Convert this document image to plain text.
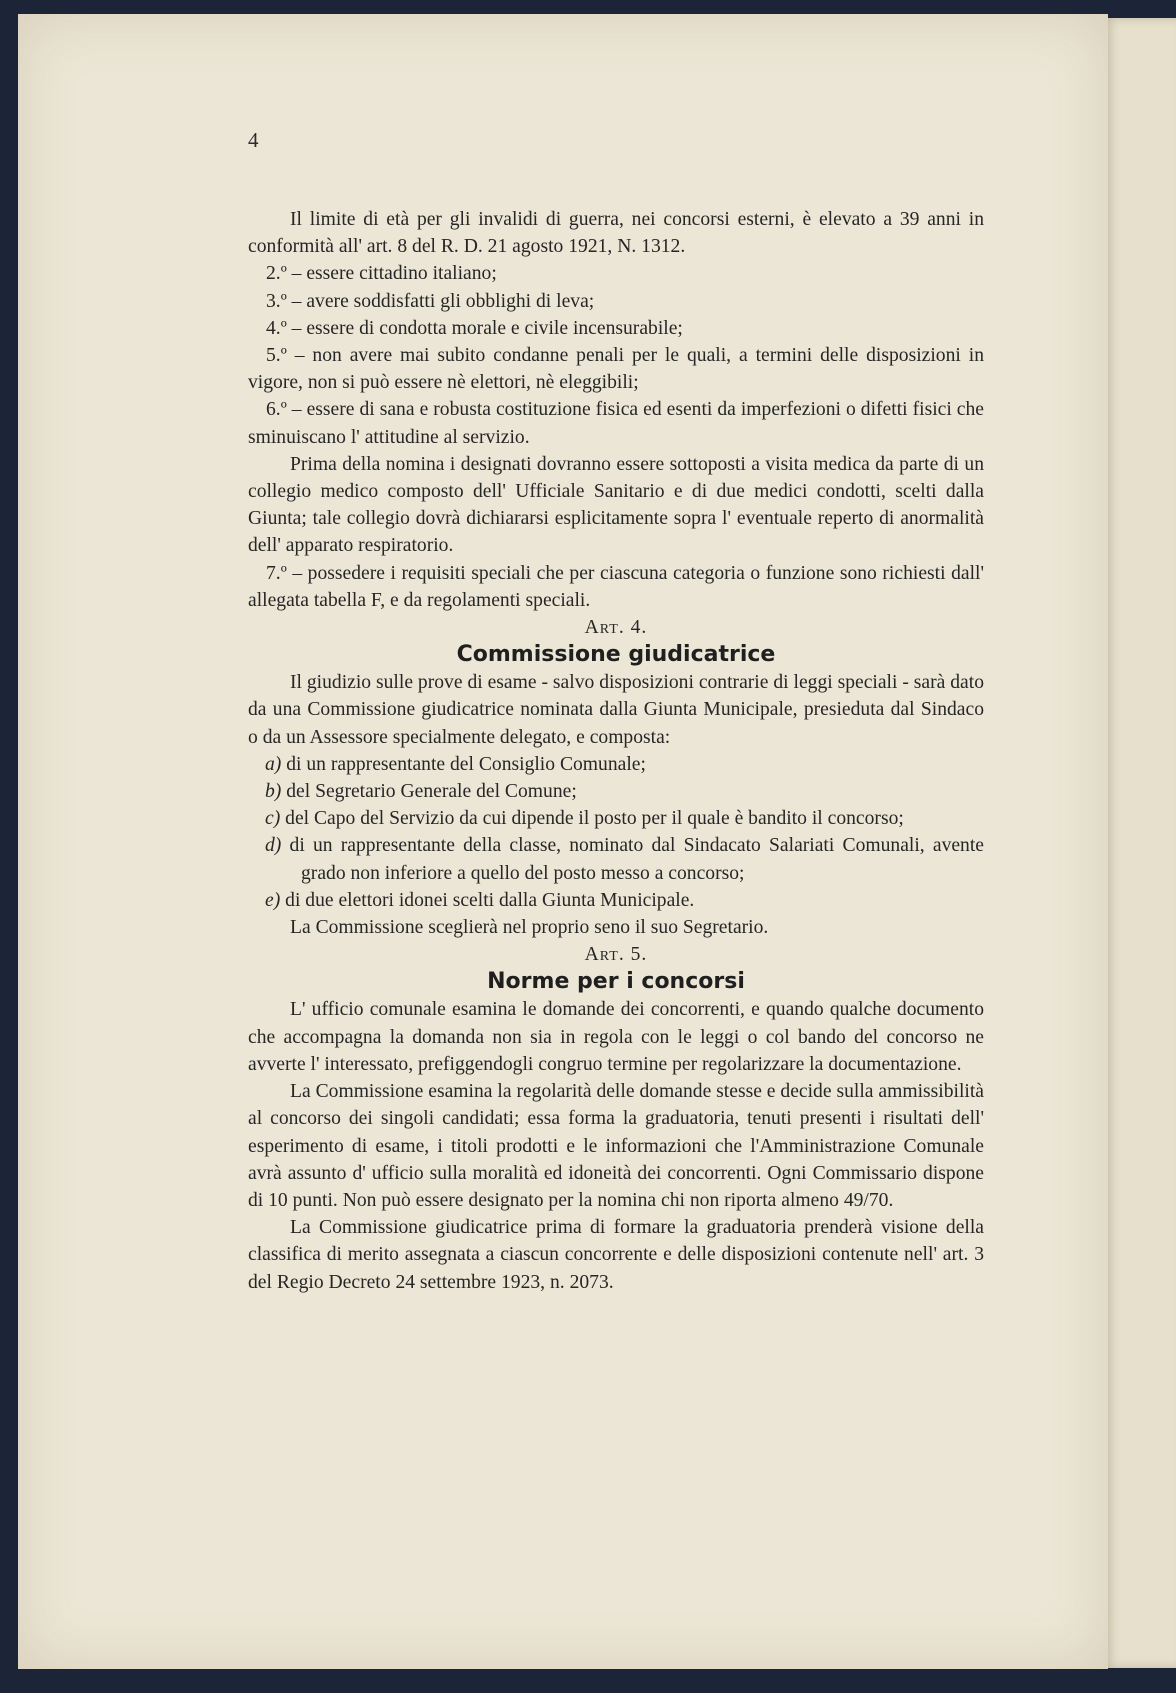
4

Il limite di età per gli invalidi di guerra, nei concorsi esterni, è elevato a 39 anni in conformità all' art. 8 del R. D. 21 agosto 1921, N. 1312.

2.º – essere cittadino italiano;

3.º – avere soddisfatti gli obblighi di leva;

4.º – essere di condotta morale e civile incensurabile;

5.º – non avere mai subito condanne penali per le quali, a termini delle disposizioni in vigore, non si può essere nè elettori, nè eleggibili;

6.º – essere di sana e robusta costituzione fisica ed esenti da imperfezioni o difetti fisici che sminuiscano l' attitudine al servizio.

Prima della nomina i designati dovranno essere sottoposti a visita medica da parte di un collegio medico composto dell' Ufficiale Sanitario e di due medici condotti, scelti dalla Giunta; tale collegio dovrà dichiararsi esplicitamente sopra l' eventuale reperto di anormalità dell' apparato respiratorio.

7.º – possedere i requisiti speciali che per ciascuna categoria o funzione sono richiesti dall' allegata tabella F, e da regolamenti speciali.

Art. 4.

Commissione giudicatrice

Il giudizio sulle prove di esame - salvo disposizioni contrarie di leggi speciali - sarà dato da una Commissione giudicatrice nominata dalla Giunta Municipale, presieduta dal Sindaco o da un Assessore specialmente delegato, e composta:

a) di un rappresentante del Consiglio Comunale;

b) del Segretario Generale del Comune;

c) del Capo del Servizio da cui dipende il posto per il quale è bandito il concorso;

d) di un rappresentante della classe, nominato dal Sindacato Salariati Comunali, avente grado non inferiore a quello del posto messo a concorso;

e) di due elettori idonei scelti dalla Giunta Municipale.

La Commissione sceglierà nel proprio seno il suo Segretario.

Art. 5.

Norme per i concorsi

L' ufficio comunale esamina le domande dei concorrenti, e quando qualche documento che accompagna la domanda non sia in regola con le leggi o col bando del concorso ne avverte l' interessato, prefiggendogli congruo termine per regolarizzare la documentazione.

La Commissione esamina la regolarità delle domande stesse e decide sulla ammissibilità al concorso dei singoli candidati; essa forma la graduatoria, tenuti presenti i risultati dell' esperimento di esame, i titoli prodotti e le informazioni che l'Amministrazione Comunale avrà assunto d' ufficio sulla moralità ed idoneità dei concorrenti. Ogni Commissario dispone di 10 punti. Non può essere designato per la nomina chi non riporta almeno 49/70.

La Commissione giudicatrice prima di formare la graduatoria prenderà visione della classifica di merito assegnata a ciascun concorrente e delle disposizioni contenute nell' art. 3 del Regio Decreto 24 settembre 1923, n. 2073.
